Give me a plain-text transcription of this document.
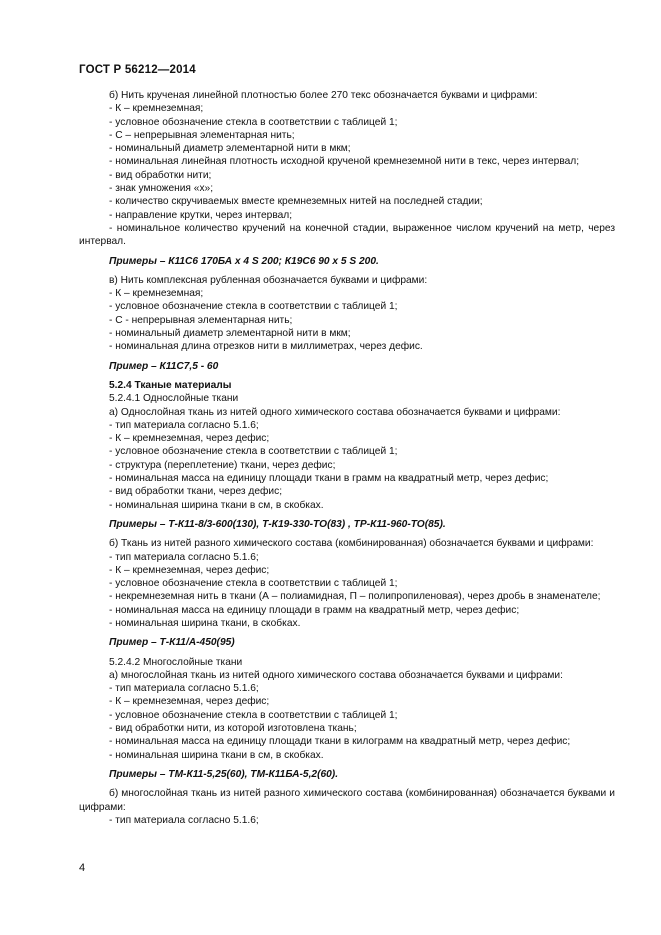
ГОСТ Р 56212—2014

б) Нить крученая линейной плотностью более 270 текс обозначается буквами и цифрами:

- К – кремнеземная;

- условное обозначение стекла в соответствии с таблицей 1;

- С – непрерывная элементарная нить;

- номинальный диаметр элементарной нити в мкм;

- номинальная линейная плотность исходной крученой кремнеземной нити в текс, через интервал;

- вид обработки нити;

- знак умножения «х»;

- количество скручиваемых вместе кремнеземных нитей на последней стадии;

- направление крутки, через интервал;

- номинальное количество кручений на конечной стадии, выраженное числом кручений на метр, через интервал.

Примеры – К11С6 170БА х 4 S 200; К19С6 90 х 5 S 200.

в) Нить комплексная рубленная обозначается буквами и цифрами:

- К – кремнеземная;

- условное обозначение стекла в соответствии с таблицей 1;

- С - непрерывная элементарная нить;

- номинальный диаметр элементарной нити в мкм;

- номинальная длина отрезков нити в миллиметрах, через дефис.

Пример – К11С7,5 - 60

5.2.4 Тканые материалы

5.2.4.1 Однослойные ткани

а) Однослойная ткань из нитей одного химического состава обозначается буквами и цифрами:

- тип материала согласно 5.1.6;

- К – кремнеземная, через дефис;

- условное обозначение стекла в соответствии с таблицей 1;

- структура (переплетение) ткани, через дефис;

- номинальная масса на единицу площади ткани в грамм на квадратный метр, через дефис;

- вид обработки ткани, через дефис;

- номинальная ширина ткани в см, в скобках.

Примеры – Т-К11-8/3-600(130), Т-К19-330-ТО(83) , ТР-К11-960-ТО(85).

б) Ткань из нитей разного химического состава (комбинированная) обозначается буквами и цифрами:

- тип материала согласно 5.1.6;

- К – кремнеземная, через дефис;

- условное обозначение стекла в соответствии с таблицей 1;

- некремнеземная нить в ткани (А – полиамидная, П – полипропиленовая), через дробь в знаменателе;

- номинальная масса на единицу площади в грамм на квадратный метр, через дефис;

- номинальная ширина ткани, в скобках.

Пример – Т-К11/А-450(95)

5.2.4.2 Многослойные ткани

а) многослойная ткань из нитей одного химического состава обозначается буквами и цифрами:

- тип материала согласно 5.1.6;

- К – кремнеземная, через дефис;

- условное обозначение стекла в соответствии с таблицей 1;

- вид обработки нити, из которой изготовлена ткань;

- номинальная масса на единицу площади ткани в килограмм на квадратный метр, через дефис;

- номинальная ширина ткани в см, в скобках.

Примеры – ТМ-К11-5,25(60), ТМ-К11БА-5,2(60).

б) многослойная ткань из нитей разного химического состава (комбинированная) обозначается буквами и цифрами:

- тип материала согласно 5.1.6;

4
